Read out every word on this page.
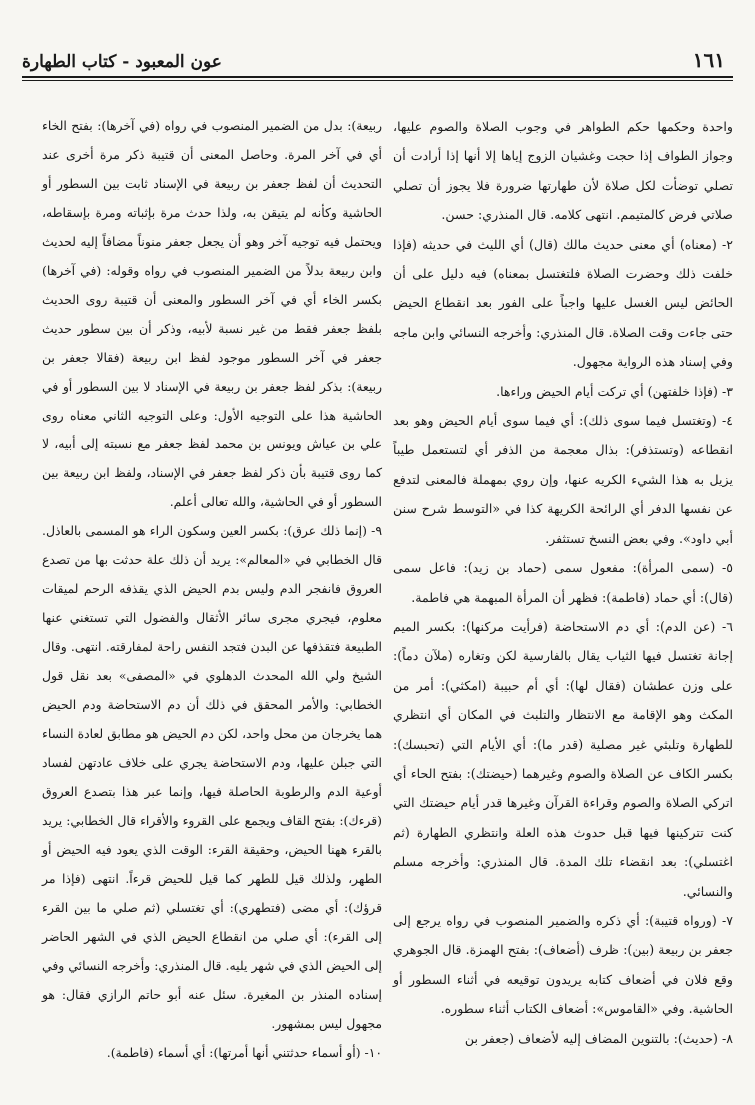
١٦١
عون المعبود - كتاب الطهارة

واحدة وحكمها حكم الطواهر في وجوب الصلاة والصوم عليها، وجواز الطواف إذا حجت وغشيان الزوج إياها إلا أنها إذا أرادت أن تصلي توضأت لكل صلاة لأن طهارتها ضرورة فلا يجوز أن تصلي صلاتي فرض كالمتيمم. انتهى كلامه. قال المنذري: حسن.

٢- (معناه) أي معنى حديث مالك (قال) أي الليث في حديثه (فإذا خلفت ذلك وحضرت الصلاة فلتغتسل بمعناه) فيه دليل على أن الحائض ليس الغسل عليها واجباً على الفور بعد انقطاع الحيض حتى جاءت وقت الصلاة. قال المنذري: وأخرجه النسائي وابن ماجه وفي إسناد هذه الرواية مجهول.

٣- (فإذا خلفتهن) أي تركت أيام الحيض وراءها.

٤- (وتغتسل فيما سوى ذلك): أي فيما سوى أيام الحيض وهو بعد انقطاعه (وتستذفر): بذال معجمة من الذفر أي لتستعمل طيباً يزيل به هذا الشيء الكريه عنها، وإن روي بمهملة فالمعنى لتدفع عن نفسها الدفر أي الرائحة الكريهة كذا في «التوسط شرح سنن أبي داود». وفي بعض النسخ تستثفر.

٥- (سمى المرأة): مفعول سمى (حماد بن زيد): فاعل سمى (قال): أي حماد (فاطمة): فظهر أن المرأة المبهمة هي فاطمة.

٦- (عن الدم): أي دم الاستحاضة (فرأيت مركنها): بكسر الميم إجانة تغتسل فيها الثياب يقال بالفارسية لكن وتغاره (ملآن دماً): على وزن عطشان (فقال لها): أي أم حبيبة (امكثي): أمر من المكث وهو الإقامة مع الانتظار والتلبث في المكان أي انتظري للطهارة وتلبثي غير مصلية (قدر ما): أي الأيام التي (تحبسك): بكسر الكاف عن الصلاة والصوم وغيرهما (حيضتك): بفتح الحاء أي اتركي الصلاة والصوم وقراءة القرآن وغيرها قدر أيام حيضتك التي كنت تتركينها فيها قبل حدوث هذه العلة وانتظري الطهارة (ثم اغتسلي): بعد انقضاء تلك المدة. قال المنذري: وأخرجه مسلم والنسائي.

٧- (ورواه قتيبة): أي ذكره والضمير المنصوب في رواه يرجع إلى جعفر بن ربيعة (بين): ظرف (أضعاف): بفتح الهمزة. قال الجوهري وقع فلان في أضعاف كتابه يريدون توقيعه في أثناء السطور أو الحاشية. وفي «القاموس»: أضعاف الكتاب أثناء سطوره.

٨- (حديث): بالتنوين المضاف إليه لأضعاف (جعفر بن

ربيعة): بدل من الضمير المنصوب في رواه (في آخرها): بفتح الخاء أي في آخر المرة. وحاصل المعنى أن قتيبة ذكر مرة أخرى عند التحديث أن لفظ جعفر بن ربيعة في الإسناد ثابت بين السطور أو الحاشية وكأنه لم يتيقن به، ولذا حدث مرة بإثباته ومرة بإسقاطه، ويحتمل فيه توجيه آخر وهو أن يجعل جعفر منوناً مضافاً إليه لحديث وابن ربيعة بدلاً من الضمير المنصوب في رواه وقوله: (في آخرها) بكسر الخاء أي في آخر السطور والمعنى أن قتيبة روى الحديث بلفظ جعفر فقط من غير نسبة لأبيه، وذكر أن بين سطور حديث جعفر في آخر السطور موجود لفظ ابن ربيعة (فقالا جعفر بن ربيعة): بذكر لفظ جعفر بن ربيعة في الإسناد لا بين السطور أو في الحاشية هذا على التوجيه الأول: وعلى التوجيه الثاني معناه روى علي بن عياش ويونس بن محمد لفظ جعفر مع نسبته إلى أبيه، لا كما روى قتيبة بأن ذكر لفظ جعفر في الإسناد، ولفظ ابن ربيعة بين السطور أو في الحاشية، والله تعالى أعلم.

٩- (إنما ذلك عرق): بكسر العين وسكون الراء هو المسمى بالعاذل. قال الخطابي في «المعالم»: يريد أن ذلك علة حدثت بها من تصدع العروق فانفجر الدم وليس بدم الحيض الذي يقذفه الرحم لميقات معلوم، فيجري مجرى سائر الأثقال والفضول التي تستغني عنها الطبيعة فتقذفها عن البدن فتجد النفس راحة لمفارقته. انتهى. وقال الشيخ ولي الله المحدث الدهلوي في «المصفى» بعد نقل قول الخطابي: والأمر المحقق في ذلك أن دم الاستحاضة ودم الحيض هما يخرجان من محل واحد، لكن دم الحيض هو مطابق لعادة النساء التي جبلن عليها، ودم الاستحاضة يجري على خلاف عادتهن لفساد أوعية الدم والرطوبة الحاصلة فيها، وإنما عبر هذا بتصدع العروق (قرءك): بفتح القاف ويجمع على القروء والأقراء قال الخطابي: يريد بالقرء ههنا الحيض، وحقيقة القرء: الوقت الذي يعود فيه الحيض أو الطهر، ولذلك قيل للطهر كما قيل للحيض قرءاً. انتهى (فإذا مر قرؤك): أي مضى (فتطهري): أي تغتسلي (ثم صلي ما بين القرء إلى القرء): أي صلي من انقطاع الحيض الذي في الشهر الحاضر إلى الحيض الذي في شهر يليه. قال المنذري: وأخرجه النسائي وفي إسناده المنذر بن المغيرة. سئل عنه أبو حاتم الرازي فقال: هو مجهول ليس بمشهور.

١٠- (أو أسماء حدثتني أنها أمرتها): أي أسماء (فاطمة).
